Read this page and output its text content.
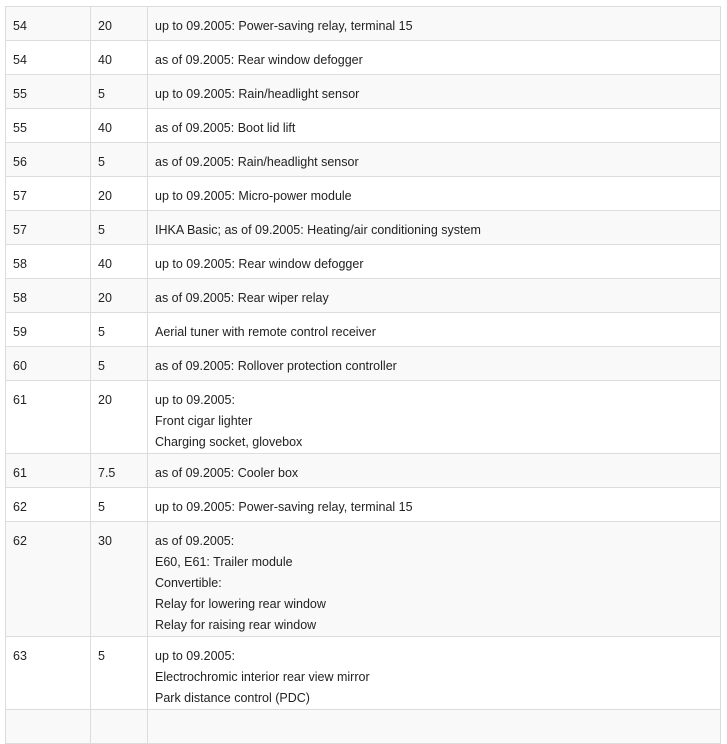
54	20	up to 09.2005: Power-saving relay, terminal 15

54	40	as of 09.2005: Rear window defogger

55	5	up to 09.2005: Rain/headlight sensor

55	40	as of 09.2005: Boot lid lift

56	5	as of 09.2005: Rain/headlight sensor

57	20	up to 09.2005: Micro-power module

57	5	IHKA Basic; as of 09.2005: Heating/air conditioning system

58	40	up to 09.2005: Rear window defogger

58	20	as of 09.2005: Rear wiper relay

59	5	Aerial tuner with remote control receiver

60	5	as of 09.2005: Rollover protection controller

61	20	up to 09.2005:
Front cigar lighter
Charging socket, glovebox

61	7.5	as of 09.2005: Cooler box

62	5	up to 09.2005: Power-saving relay, terminal 15

62	30	as of 09.2005:
E60, E61: Trailer module
Convertible:
Relay for lowering rear window
Relay for raising rear window

63	5	up to 09.2005:
Electrochromic interior rear view mirror
Park distance control (PDC)
